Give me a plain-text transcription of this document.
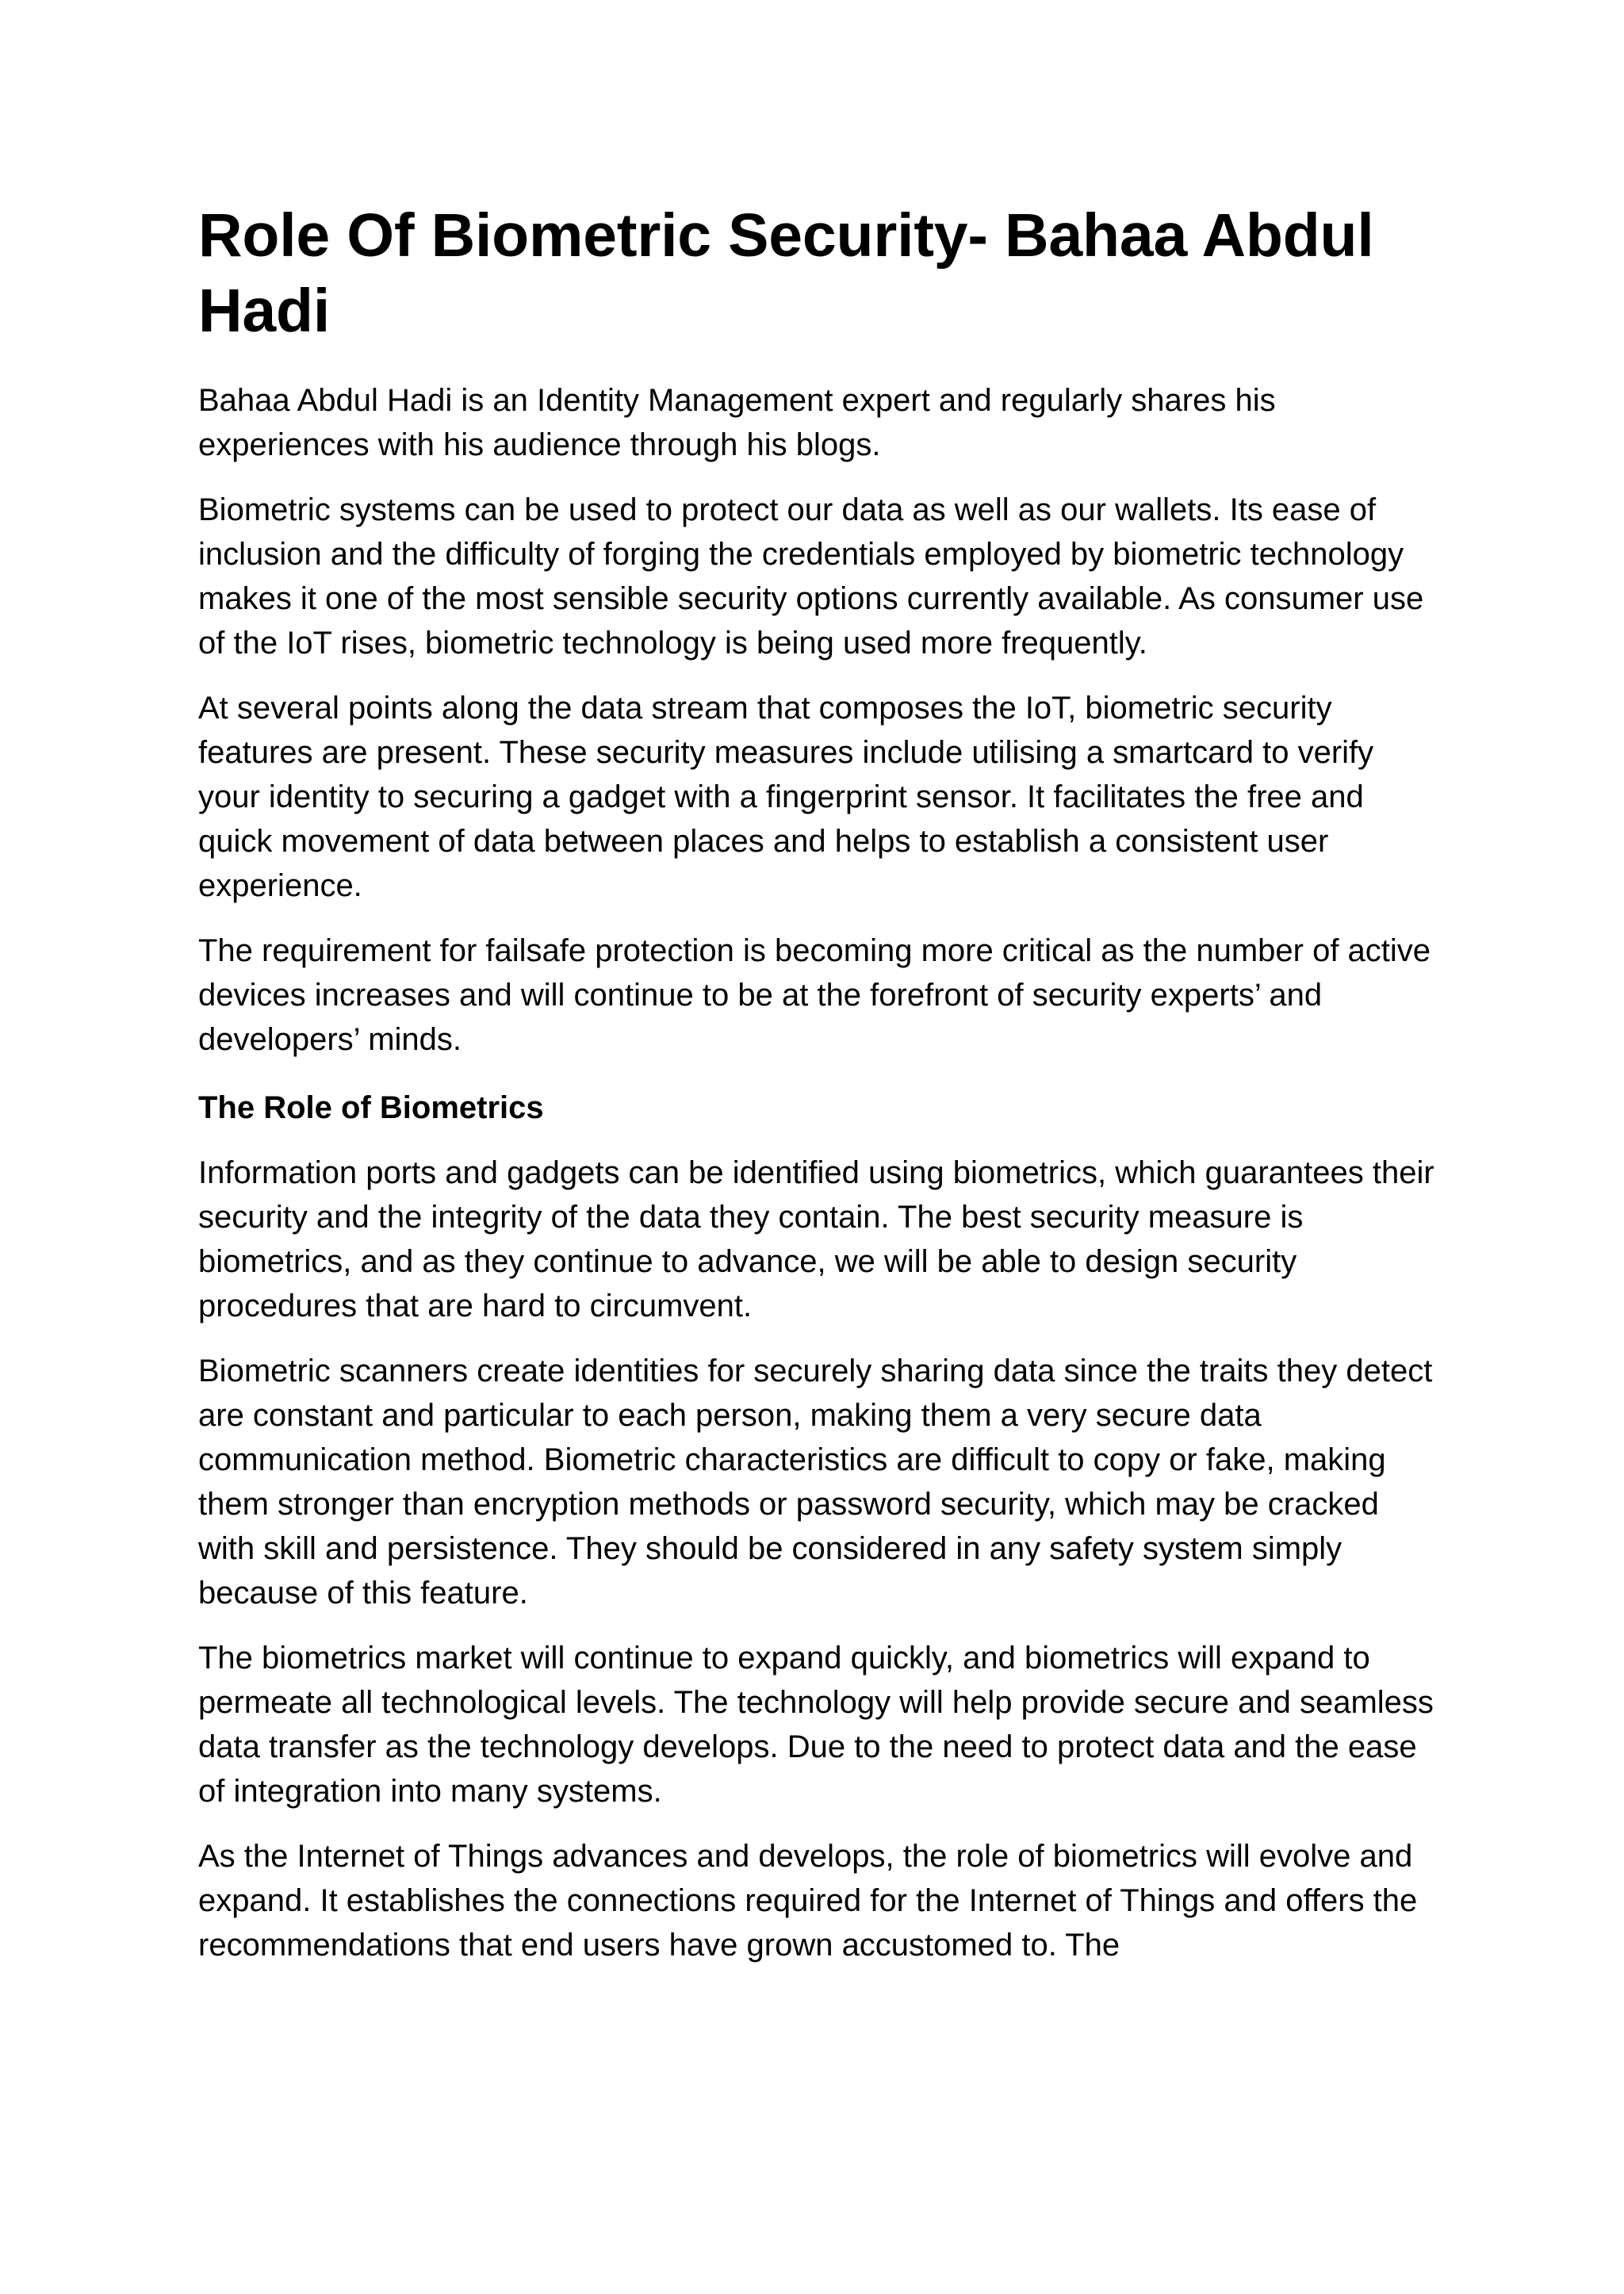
Role Of Biometric Security- Bahaa Abdul Hadi

Bahaa Abdul Hadi is an Identity Management expert and regularly shares his experiences with his audience through his blogs.

Biometric systems can be used to protect our data as well as our wallets. Its ease of inclusion and the difficulty of forging the credentials employed by biometric technology makes it one of the most sensible security options currently available. As consumer use of the IoT rises, biometric technology is being used more frequently.

At several points along the data stream that composes the IoT, biometric security features are present. These security measures include utilising a smartcard to verify your identity to securing a gadget with a fingerprint sensor. It facilitates the free and quick movement of data between places and helps to establish a consistent user experience.

The requirement for failsafe protection is becoming more critical as the number of active devices increases and will continue to be at the forefront of security experts’ and developers’ minds.

The Role of Biometrics

Information ports and gadgets can be identified using biometrics, which guarantees their security and the integrity of the data they contain. The best security measure is biometrics, and as they continue to advance, we will be able to design security procedures that are hard to circumvent.

Biometric scanners create identities for securely sharing data since the traits they detect are constant and particular to each person, making them a very secure data communication method. Biometric characteristics are difficult to copy or fake, making them stronger than encryption methods or password security, which may be cracked with skill and persistence. They should be considered in any safety system simply because of this feature.

The biometrics market will continue to expand quickly, and biometrics will expand to permeate all technological levels. The technology will help provide secure and seamless data transfer as the technology develops. Due to the need to protect data and the ease of integration into many systems.

As the Internet of Things advances and develops, the role of biometrics will evolve and expand. It establishes the connections required for the Internet of Things and offers the recommendations that end users have grown accustomed to. The
